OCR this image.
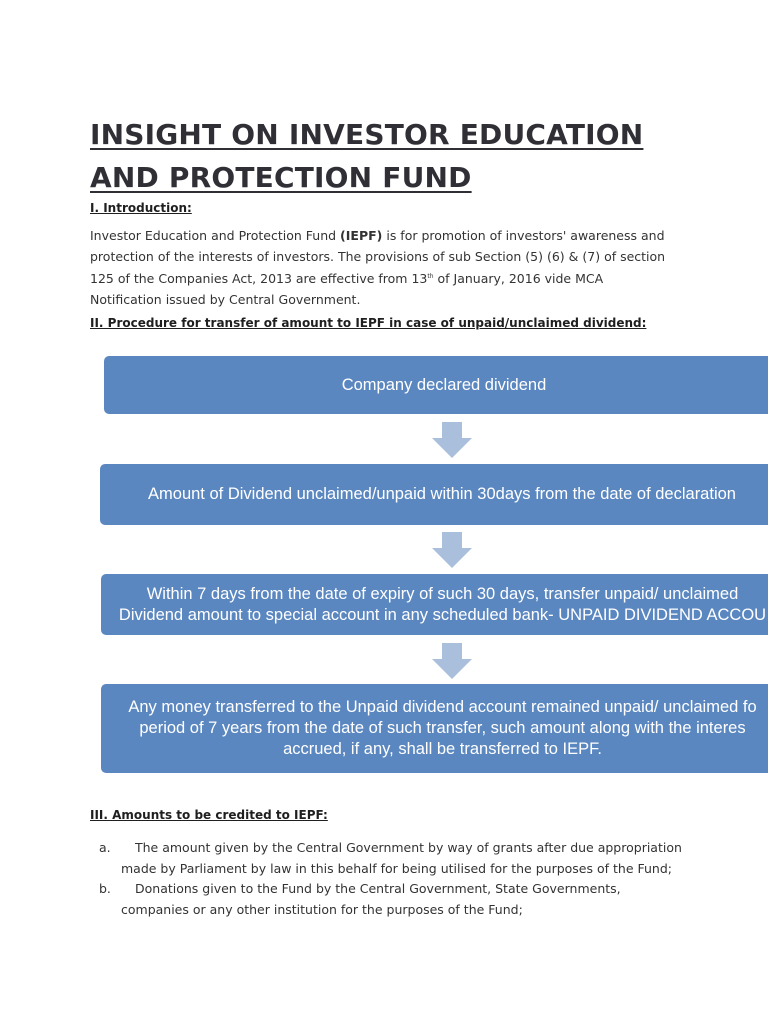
INSIGHT ON INVESTOR EDUCATION AND PROTECTION FUND

I. Introduction:

Investor Education and Protection Fund (IEPF) is for promotion of investors' awareness and protection of the interests of investors. The provisions of sub Section (5) (6) & (7) of section 125 of the Companies Act, 2013 are effective from 13th of January, 2016 vide MCA Notification issued by Central Government.

II. Procedure for transfer of amount to IEPF in case of unpaid/unclaimed dividend:

Company declared dividend
Amount of Dividend unclaimed/unpaid within 30days from the date of declaration
Within 7 days from the date of expiry of such 30 days, transfer unpaid/ unclaimed
Dividend amount to special account in any scheduled bank- UNPAID DIVIDEND ACCOU
Any money transferred to the Unpaid dividend account remained unpaid/ unclaimed fo
period of 7 years from the date of such transfer, such amount along with the interes
accrued, if any, shall be transferred to IEPF.

III. Amounts to be credited to IEPF:

a.	The amount given by the Central Government by way of grants after due appropriation made by Parliament by law in this behalf for being utilised for the purposes of the Fund;
b.	Donations given to the Fund by the Central Government, State Governments, companies or any other institution for the purposes of the Fund;
